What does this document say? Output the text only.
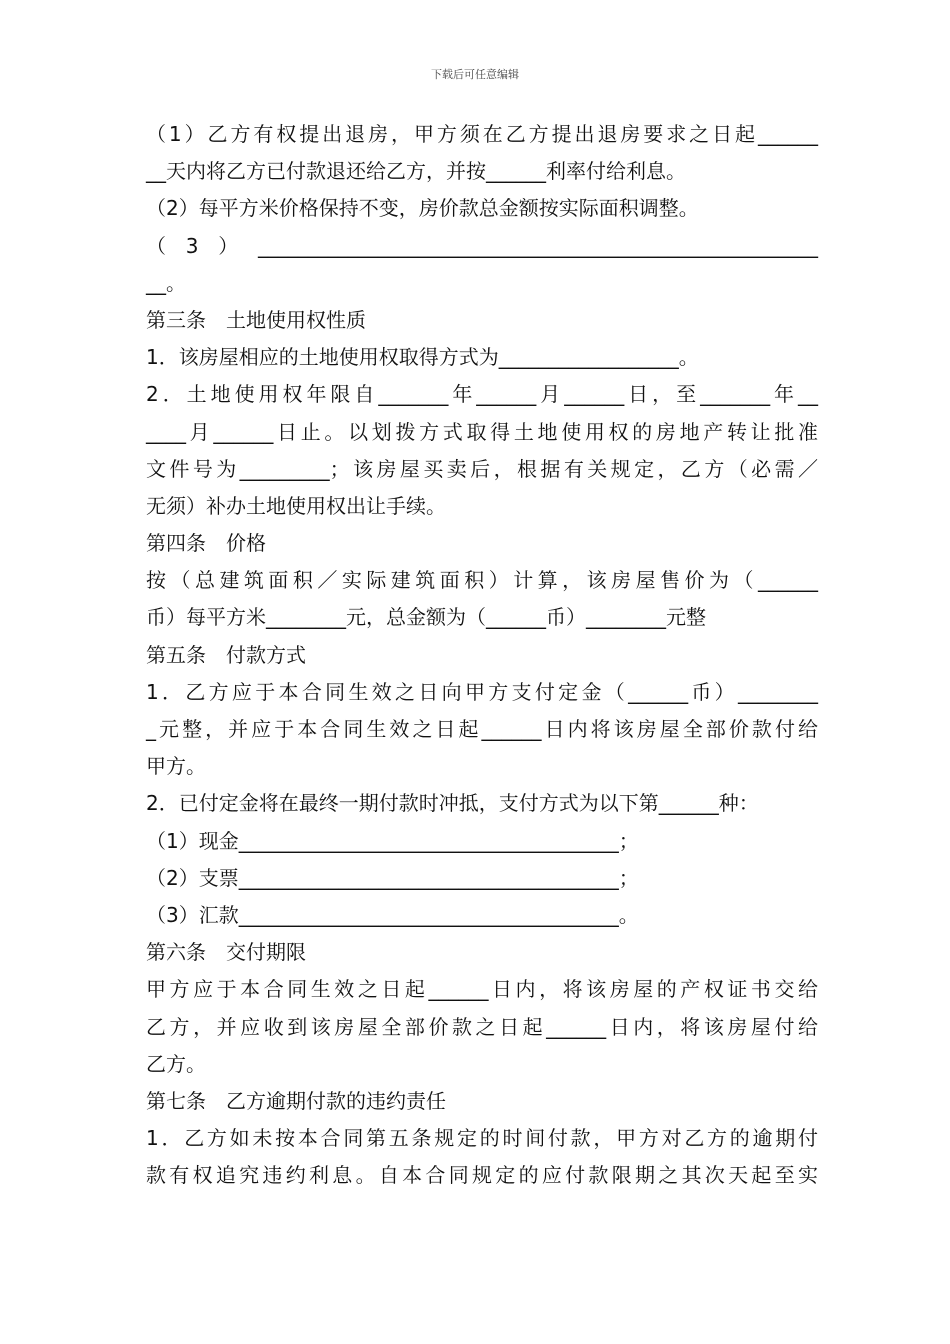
下载后可任意编辑
（1）乙方有权提出退房，甲方须在乙方提出退房要求之日起______
__天内将乙方已付款退还给乙方，并按______利率付给利息。
（2）每平方米价格保持不变，房价款总金额按实际面积调整。
（3）________________________________________________________
__。
第三条　土地使用权性质
1．该房屋相应的土地使用权取得方式为__________________。
2．土地使用权年限自_______年______月______日，至_______年__
____月______日止。以划拨方式取得土地使用权的房地产转让批准
文件号为_________；该房屋买卖后，根据有关规定，乙方（必需／
无须）补办土地使用权出让手续。
第四条　价格
按（总建筑面积／实际建筑面积）计算，该房屋售价为（______
币）每平方米________元，总金额为（______币）________元整
第五条　付款方式
1．乙方应于本合同生效之日向甲方支付定金（______币）________
_元整，并应于本合同生效之日起______日内将该房屋全部价款付给
甲方。
2．已付定金将在最终一期付款时冲抵，支付方式为以下第______种：
（1）现金______________________________________；
（2）支票______________________________________；
（3）汇款______________________________________。
第六条　交付期限
甲方应于本合同生效之日起______日内，将该房屋的产权证书交给
乙方，并应收到该房屋全部价款之日起______日内，将该房屋付给
乙方。
第七条　乙方逾期付款的违约责任
1．乙方如未按本合同第五条规定的时间付款，甲方对乙方的逾期付
款有权追究违约利息。自本合同规定的应付款限期之其次天起至实
